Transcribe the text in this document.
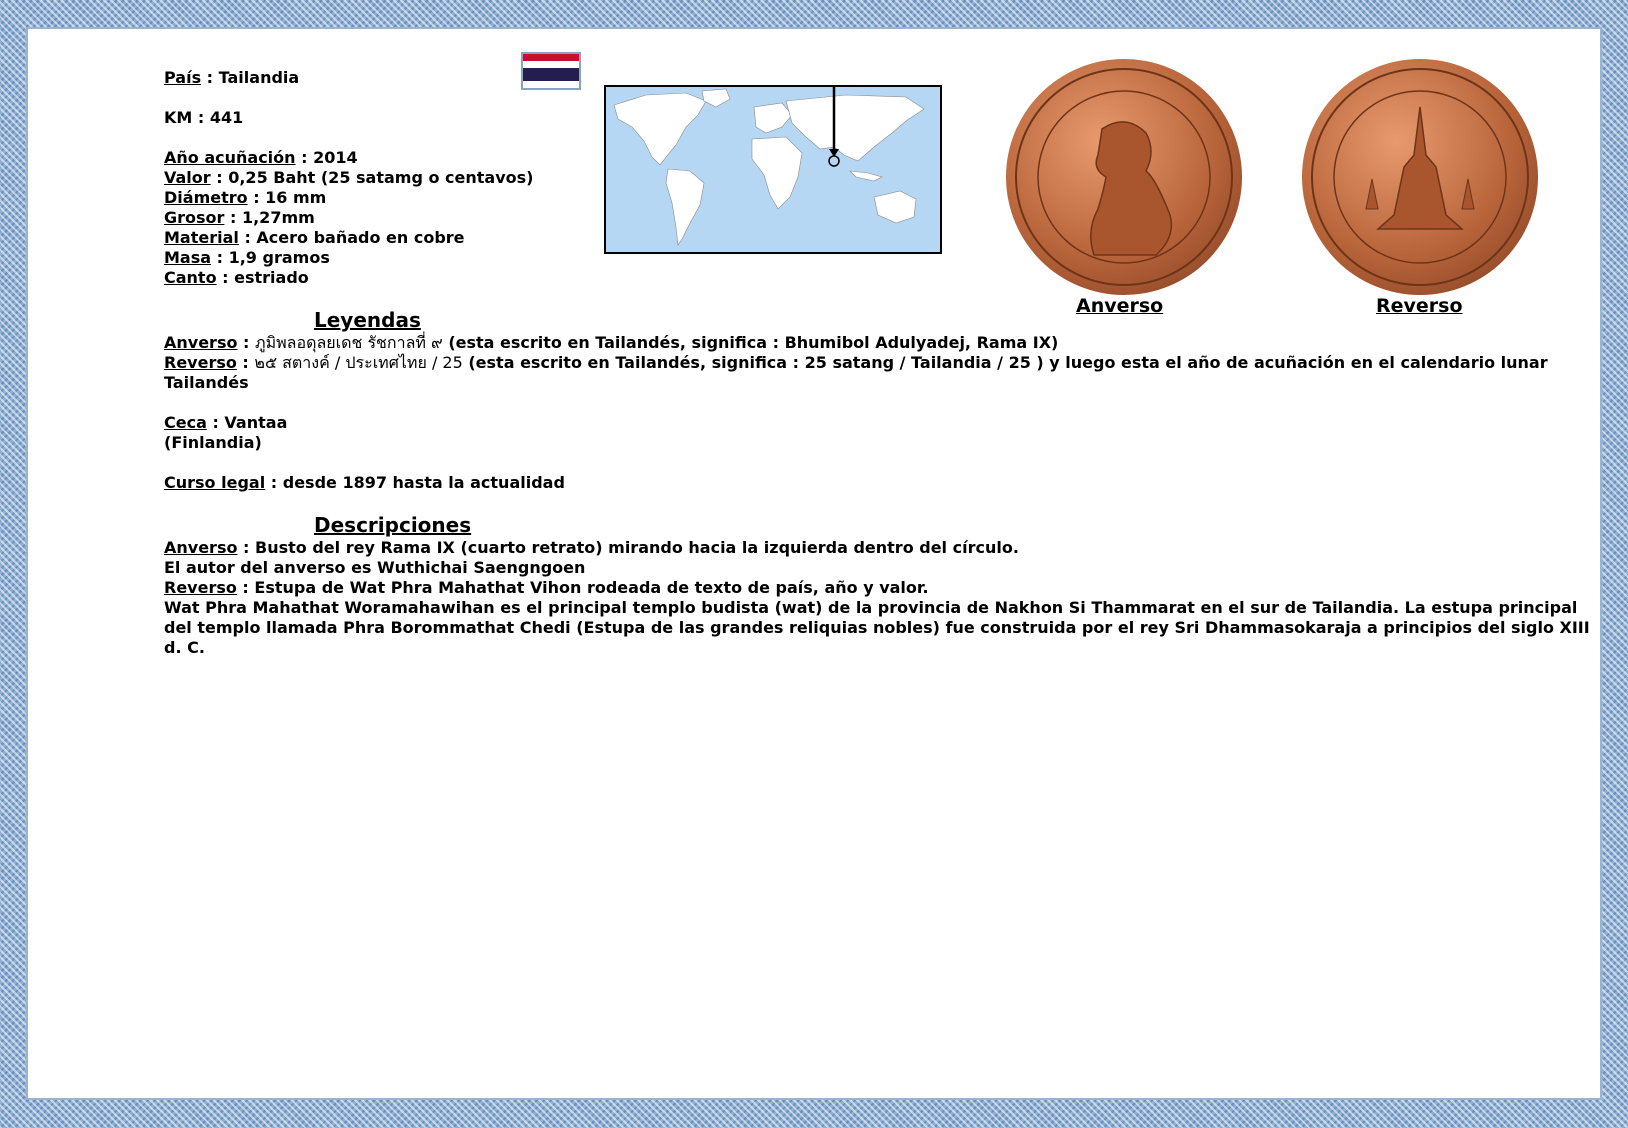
País : Tailandia
KM : 441
Año acuñación : 2014
Valor : 0,25 Baht (25 satamg o centavos)
Diámetro : 16 mm
Grosor : 1,27mm
Material : Acero bañado en cobre
Masa : 1,9 gramos
Canto : estriado
Anverso	Reverso
Leyendas
Anverso : ภูมิพลอดุลยเดช รัชกาลที่ ๙ (esta escrito en Tailandés, significa : Bhumibol Adulyadej, Rama IX)
Reverso : ๒๕ สตางค์ / ประเทศไทย / 25 (esta escrito en Tailandés, significa : 25 satang / Tailandia / 25 ) y luego esta el año de acuñación en el calendario lunar
Tailandés
Ceca : Vantaa
(Finlandia)
Curso legal : desde 1897 hasta la actualidad
Descripciones
Anverso : Busto del rey Rama IX (cuarto retrato) mirando hacia la izquierda dentro del círculo.
El autor del anverso es Wuthichai Saengngoen
Reverso : Estupa de Wat Phra Mahathat Vihon rodeada de texto de país, año y valor.
Wat Phra Mahathat Woramahawihan es el principal templo budista (wat) de la provincia de Nakhon Si Thammarat en el sur de Tailandia. La estupa principal del templo llamada Phra Borommathat Chedi (Estupa de las grandes reliquias nobles) fue construida por el rey Sri Dhammasokaraja a principios del siglo XIII d. C.
